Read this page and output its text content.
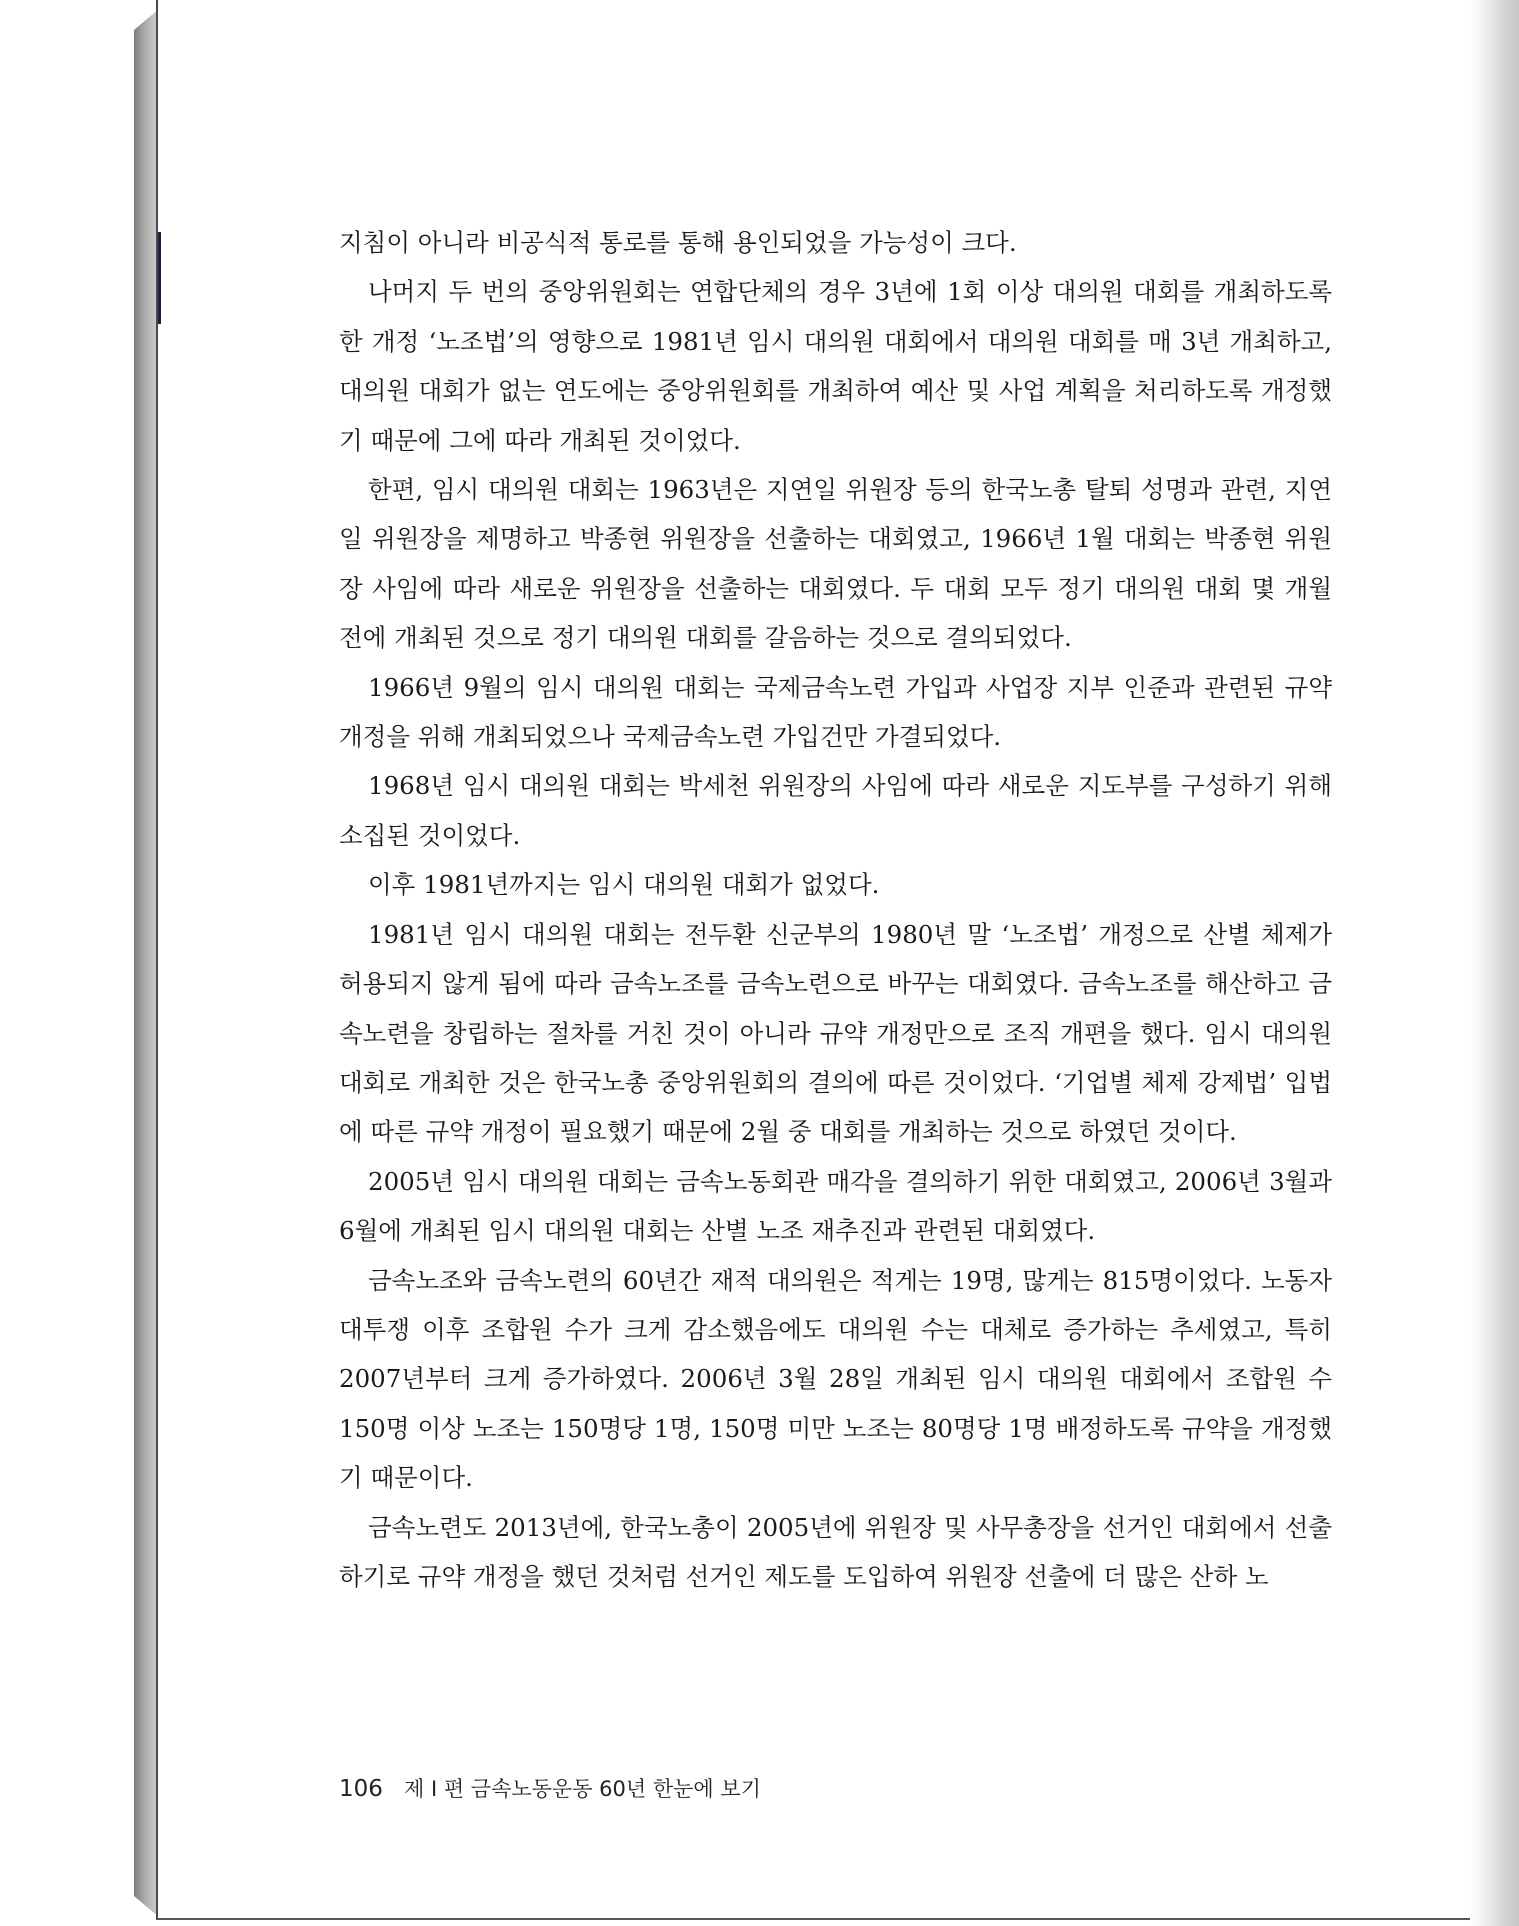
지침이 아니라 비공식적 통로를 통해 용인되었을 가능성이 크다.

나머지 두 번의 중앙위원회는 연합단체의 경우 3년에 1회 이상 대의원 대회를 개최하도록 한 개정 ‘노조법’의 영향으로 1981년 임시 대의원 대회에서 대의원 대회를 매 3년 개최하고, 대의원 대회가 없는 연도에는 중앙위원회를 개최하여 예산 및 사업 계획을 처리하도록 개정했기 때문에 그에 따라 개최된 것이었다.

한편, 임시 대의원 대회는 1963년은 지연일 위원장 등의 한국노총 탈퇴 성명과 관련, 지연일 위원장을 제명하고 박종현 위원장을 선출하는 대회였고, 1966년 1월 대회는 박종현 위원장 사임에 따라 새로운 위원장을 선출하는 대회였다. 두 대회 모두 정기 대의원 대회 몇 개월 전에 개최된 것으로 정기 대의원 대회를 갈음하는 것으로 결의되었다.

1966년 9월의 임시 대의원 대회는 국제금속노련 가입과 사업장 지부 인준과 관련된 규약 개정을 위해 개최되었으나 국제금속노련 가입건만 가결되었다.

1968년 임시 대의원 대회는 박세천 위원장의 사임에 따라 새로운 지도부를 구성하기 위해 소집된 것이었다.

이후 1981년까지는 임시 대의원 대회가 없었다.

1981년 임시 대의원 대회는 전두환 신군부의 1980년 말 ‘노조법’ 개정으로 산별 체제가 허용되지 않게 됨에 따라 금속노조를 금속노련으로 바꾸는 대회였다. 금속노조를 해산하고 금속노련을 창립하는 절차를 거친 것이 아니라 규약 개정만으로 조직 개편을 했다. 임시 대의원 대회로 개최한 것은 한국노총 중앙위원회의 결의에 따른 것이었다. ‘기업별 체제 강제법’ 입법에 따른 규약 개정이 필요했기 때문에 2월 중 대회를 개최하는 것으로 하였던 것이다.

2005년 임시 대의원 대회는 금속노동회관 매각을 결의하기 위한 대회였고, 2006년 3월과 6월에 개최된 임시 대의원 대회는 산별 노조 재추진과 관련된 대회였다.

금속노조와 금속노련의 60년간 재적 대의원은 적게는 19명, 많게는 815명이었다. 노동자 대투쟁 이후 조합원 수가 크게 감소했음에도 대의원 수는 대체로 증가하는 추세였고, 특히 2007년부터 크게 증가하였다. 2006년 3월 28일 개최된 임시 대의원 대회에서 조합원 수 150명 이상 노조는 150명당 1명, 150명 미만 노조는 80명당 1명 배정하도록 규약을 개정했기 때문이다.

금속노련도 2013년에, 한국노총이 2005년에 위원장 및 사무총장을 선거인 대회에서 선출하기로 규약 개정을 했던 것처럼 선거인 제도를 도입하여 위원장 선출에 더 많은 산하 노

106 제 I 편 금속노동운동 60년 한눈에 보기
